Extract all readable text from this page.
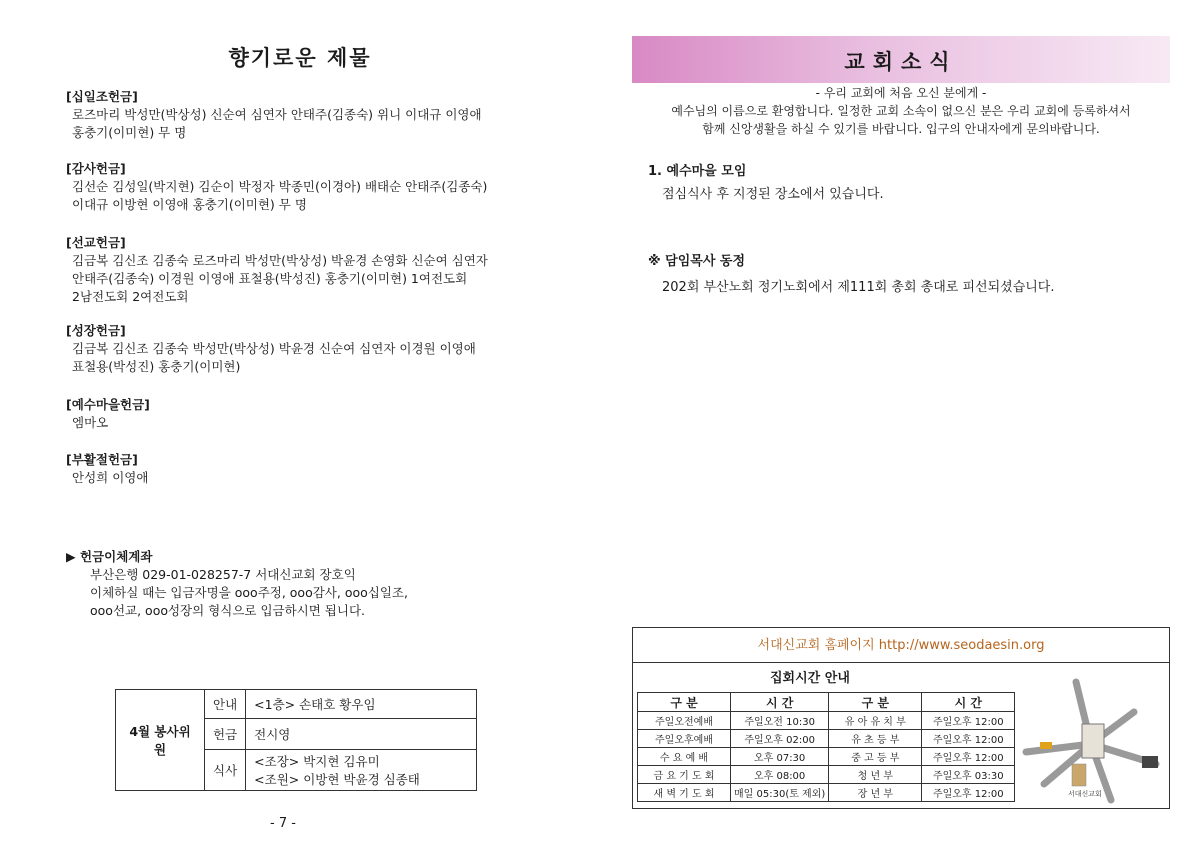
향기로운 제물
[십일조헌금]
로즈마리 박성만(박상성) 신순여 심연자 안태주(김종숙) 위니 이대규 이영애
홍충기(이미현) 무 명
[감사헌금]
김선순 김성일(박지현) 김순이 박정자 박종민(이경아) 배태순 안태주(김종숙)
이대규 이방현 이영애 홍충기(이미현) 무 명
[선교헌금]
김금복 김신조 김종숙 로즈마리 박성만(박상성) 박윤경 손영화 신순여 심연자
안태주(김종숙) 이경원 이영애 표철용(박성진) 홍충기(이미현) 1여전도회
2남전도회 2여전도회
[성장헌금]
김금복 김신조 김종숙 박성만(박상성) 박윤경 신순여 심연자 이경원 이영애
표철용(박성진) 홍충기(이미현)
[예수마을헌금]
엠마오
[부활절헌금]
안성희 이영애
▶ 헌금이체계좌
부산은행 029-01-028257-7 서대신교회 장호익
이체하실 때는 입금자명을 ooo주정, ooo감사, ooo십일조,
ooo선교, ooo성장의 형식으로 입금하시면 됩니다.
4월 봉사위원	안내	<1층> 손태호 황우임
	헌금	전시영
	식사	<조장> 박지현 김유미
<조원> 이방현 박윤경 심종태
- 7 -
교회소식
- 우리 교회에 처음 오신 분에게 -
예수님의 이름으로 환영합니다. 일정한 교회 소속이 없으신 분은 우리 교회에 등록하셔서
함께 신앙생활을 하실 수 있기를 바랍니다. 입구의 안내자에게 문의바랍니다.
1. 예수마을 모임
점심식사 후 지정된 장소에서 있습니다.
※ 담임목사 동정
202회 부산노회 정기노회에서 제111회 총회 총대로 피선되셨습니다.
서대신교회 홈페이지 http://www.seodaesin.org
집회시간 안내
구 분	시 간	구 분	시 간
주일오전예배	주일오전 10:30	유 아 유 치 부	주일오후 12:00
주일오후예배	주일오후 02:00	유 초 등 부	주일오후 12:00
수 요 예 배	오후 07:30	중 고 등 부	주일오후 12:00
금 요 기 도 회	오후 08:00	청 년 부	주일오후 03:30
새 벽 기 도 회	매일 05:30(토 제외)	장 년 부	주일오후 12:00	서대신교회
